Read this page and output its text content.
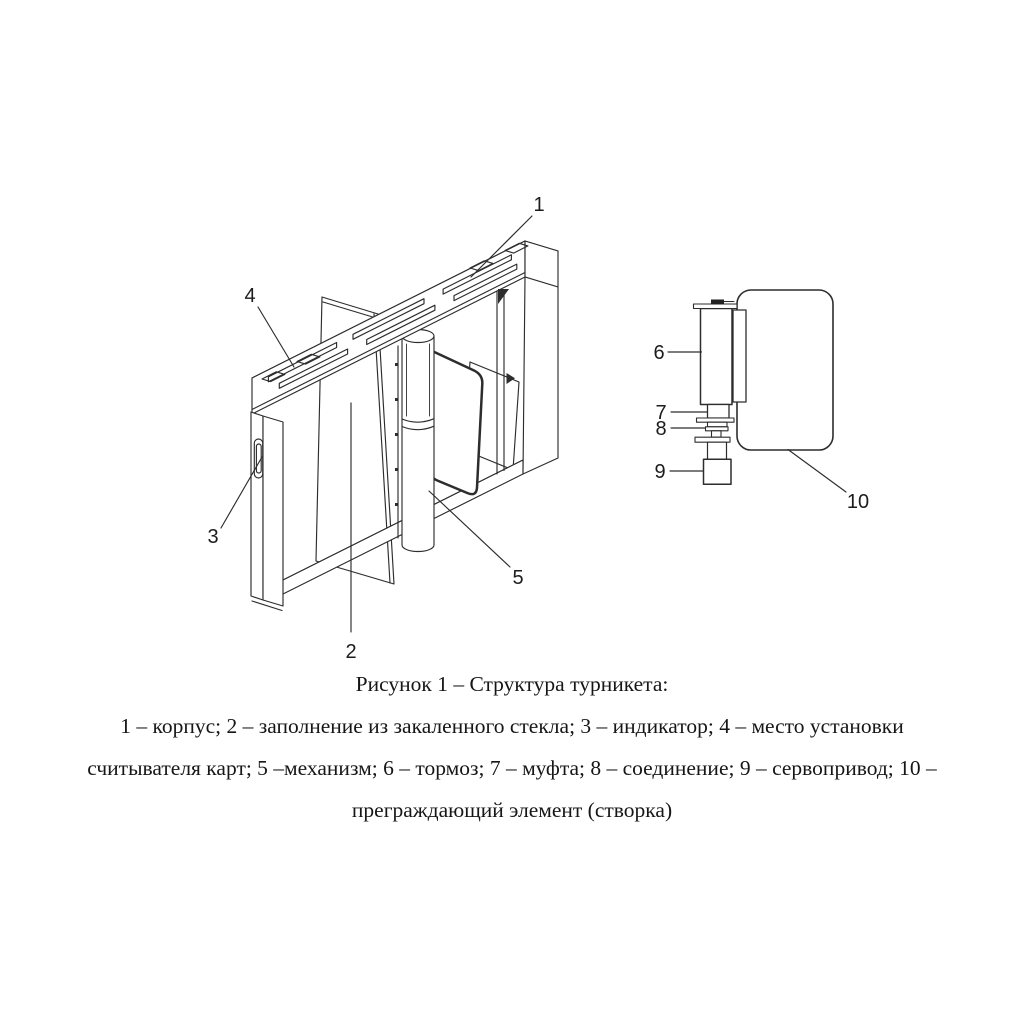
1
2
3
4
5
6
7
8
9
10
Рисунок 1 – Структура турникета:
1 – корпус; 2 – заполнение из закаленного стекла; 3 – индикатор; 4 – место установки
считывателя карт; 5 –механизм; 6 – тормоз; 7 – муфта; 8 – соединение; 9 – сервопривод; 10 –
преграждающий элемент (створка)
